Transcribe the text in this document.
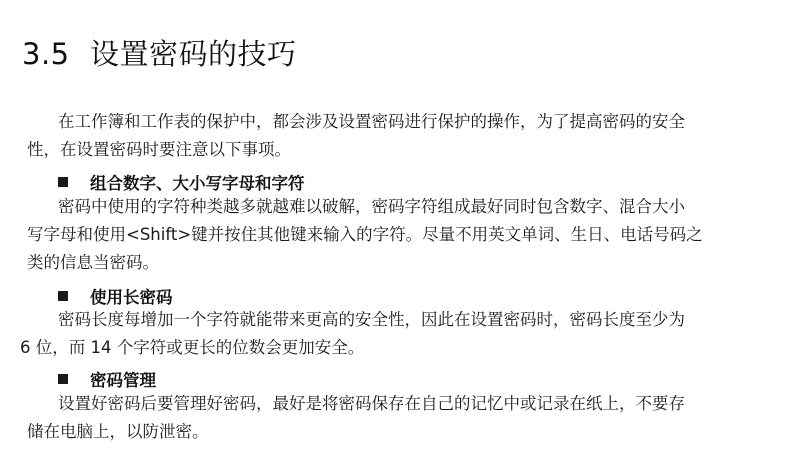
3.5 设置密码的技巧
在工作簿和工作表的保护中，都会涉及设置密码进行保护的操作，为了提高密码的安全
性，在设置密码时要注意以下事项。
组合数字、大小写字母和字符
密码中使用的字符种类越多就越难以破解，密码字符组成最好同时包含数字、混合大小
写字母和使用<Shift>键并按住其他键来输入的字符。尽量不用英文单词、生日、电话号码之
类的信息当密码。
使用长密码
密码长度每增加一个字符就能带来更高的安全性，因此在设置密码时，密码长度至少为
6 位，而 14 个字符或更长的位数会更加安全。
密码管理
设置好密码后要管理好密码，最好是将密码保存在自己的记忆中或记录在纸上，不要存
储在电脑上，以防泄密。
